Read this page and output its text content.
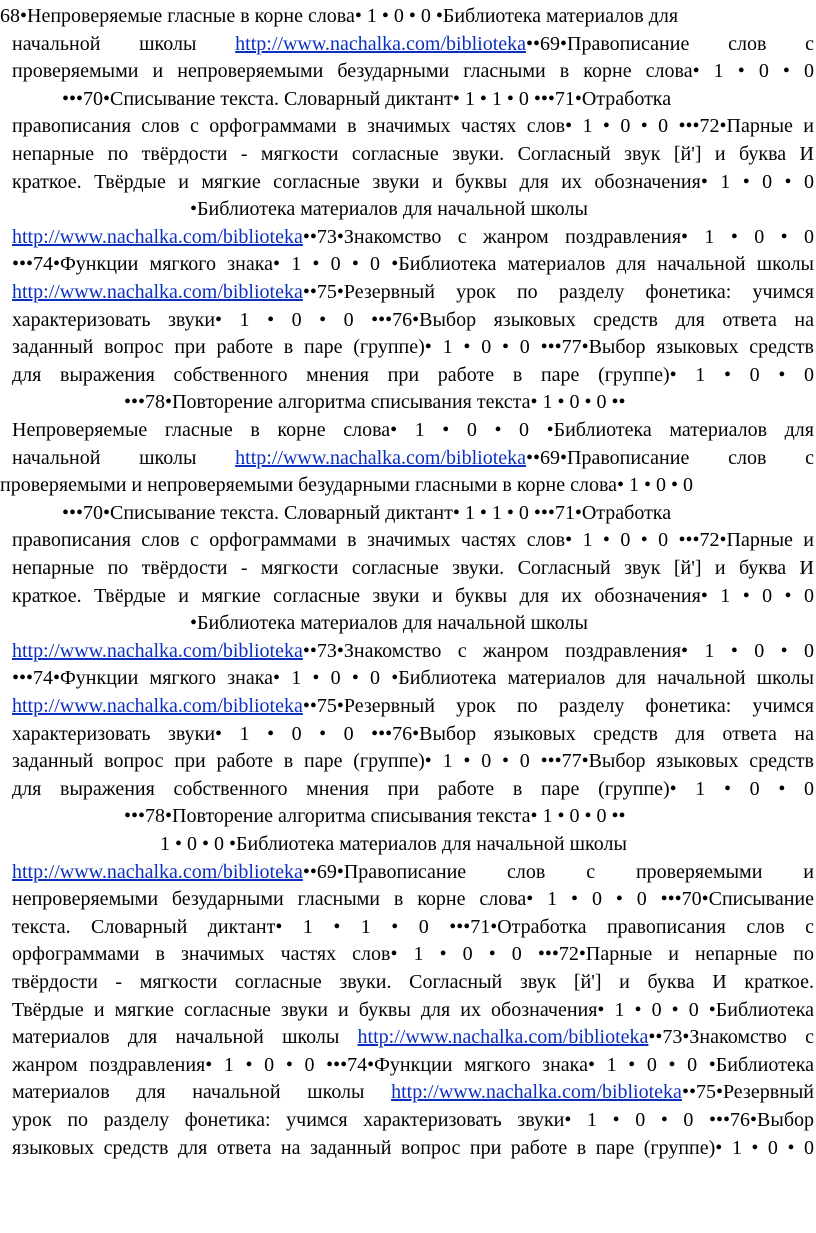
68•Непроверяемые гласные в корне слова• 1 • 0 • 0 •Библиотека материалов для
начальной школы http://www.nachalka.com/biblioteka••69•Правописание слов с
проверяемыми и непроверяемыми безударными гласными в корне слова• 1 • 0 • 0
•••70•Списывание текста. Словарный диктант• 1 • 1 • 0 •••71•Отработка
правописания слов с орфограммами в значимых частях слов• 1 • 0 • 0 •••72•Парные и
непарные по твёрдости - мягкости согласные звуки. Согласный звук [й'] и буква И
краткое. Твёрдые и мягкие согласные звуки и буквы для их обозначения• 1 • 0 • 0
•Библиотека материалов для начальной школы
http://www.nachalka.com/biblioteka••73•Знакомство с жанром поздравления• 1 • 0 • 0
•••74•Функции мягкого знака• 1 • 0 • 0 •Библиотека материалов для начальной школы
http://www.nachalka.com/biblioteka••75•Резервный урок по разделу фонетика: учимся
характеризовать звуки• 1 • 0 • 0 •••76•Выбор языковых средств для ответа на
заданный вопрос при работе в паре (группе)• 1 • 0 • 0 •••77•Выбор языковых средств
для выражения собственного мнения при работе в паре (группе)• 1 • 0 • 0
•••78•Повторение алгоритма списывания текста• 1 • 0 • 0 ••
Непроверяемые гласные в корне слова• 1 • 0 • 0 •Библиотека материалов для
начальной школы http://www.nachalka.com/biblioteka••69•Правописание слов с
проверяемыми и непроверяемыми безударными гласными в корне слова• 1 • 0 • 0
•••70•Списывание текста. Словарный диктант• 1 • 1 • 0 •••71•Отработка
правописания слов с орфограммами в значимых частях слов• 1 • 0 • 0 •••72•Парные и
непарные по твёрдости - мягкости согласные звуки. Согласный звук [й'] и буква И
краткое. Твёрдые и мягкие согласные звуки и буквы для их обозначения• 1 • 0 • 0
•Библиотека материалов для начальной школы
http://www.nachalka.com/biblioteka••73•Знакомство с жанром поздравления• 1 • 0 • 0
•••74•Функции мягкого знака• 1 • 0 • 0 •Библиотека материалов для начальной школы
http://www.nachalka.com/biblioteka••75•Резервный урок по разделу фонетика: учимся
характеризовать звуки• 1 • 0 • 0 •••76•Выбор языковых средств для ответа на
заданный вопрос при работе в паре (группе)• 1 • 0 • 0 •••77•Выбор языковых средств
для выражения собственного мнения при работе в паре (группе)• 1 • 0 • 0
•••78•Повторение алгоритма списывания текста• 1 • 0 • 0 ••
1 • 0 • 0 •Библиотека материалов для начальной школы
http://www.nachalka.com/biblioteka••69•Правописание слов с проверяемыми и
непроверяемыми безударными гласными в корне слова• 1 • 0 • 0 •••70•Списывание
текста. Словарный диктант• 1 • 1 • 0 •••71•Отработка правописания слов с
орфограммами в значимых частях слов• 1 • 0 • 0 •••72•Парные и непарные по
твёрдости - мягкости согласные звуки. Согласный звук [й'] и буква И краткое.
Твёрдые и мягкие согласные звуки и буквы для их обозначения• 1 • 0 • 0 •Библиотека
материалов для начальной школы http://www.nachalka.com/biblioteka••73•Знакомство с
жанром поздравления• 1 • 0 • 0 •••74•Функции мягкого знака• 1 • 0 • 0 •Библиотека
материалов для начальной школы http://www.nachalka.com/biblioteka••75•Резервный
урок по разделу фонетика: учимся характеризовать звуки• 1 • 0 • 0 •••76•Выбор
языковых средств для ответа на заданный вопрос при работе в паре (группе)• 1 • 0 • 0
